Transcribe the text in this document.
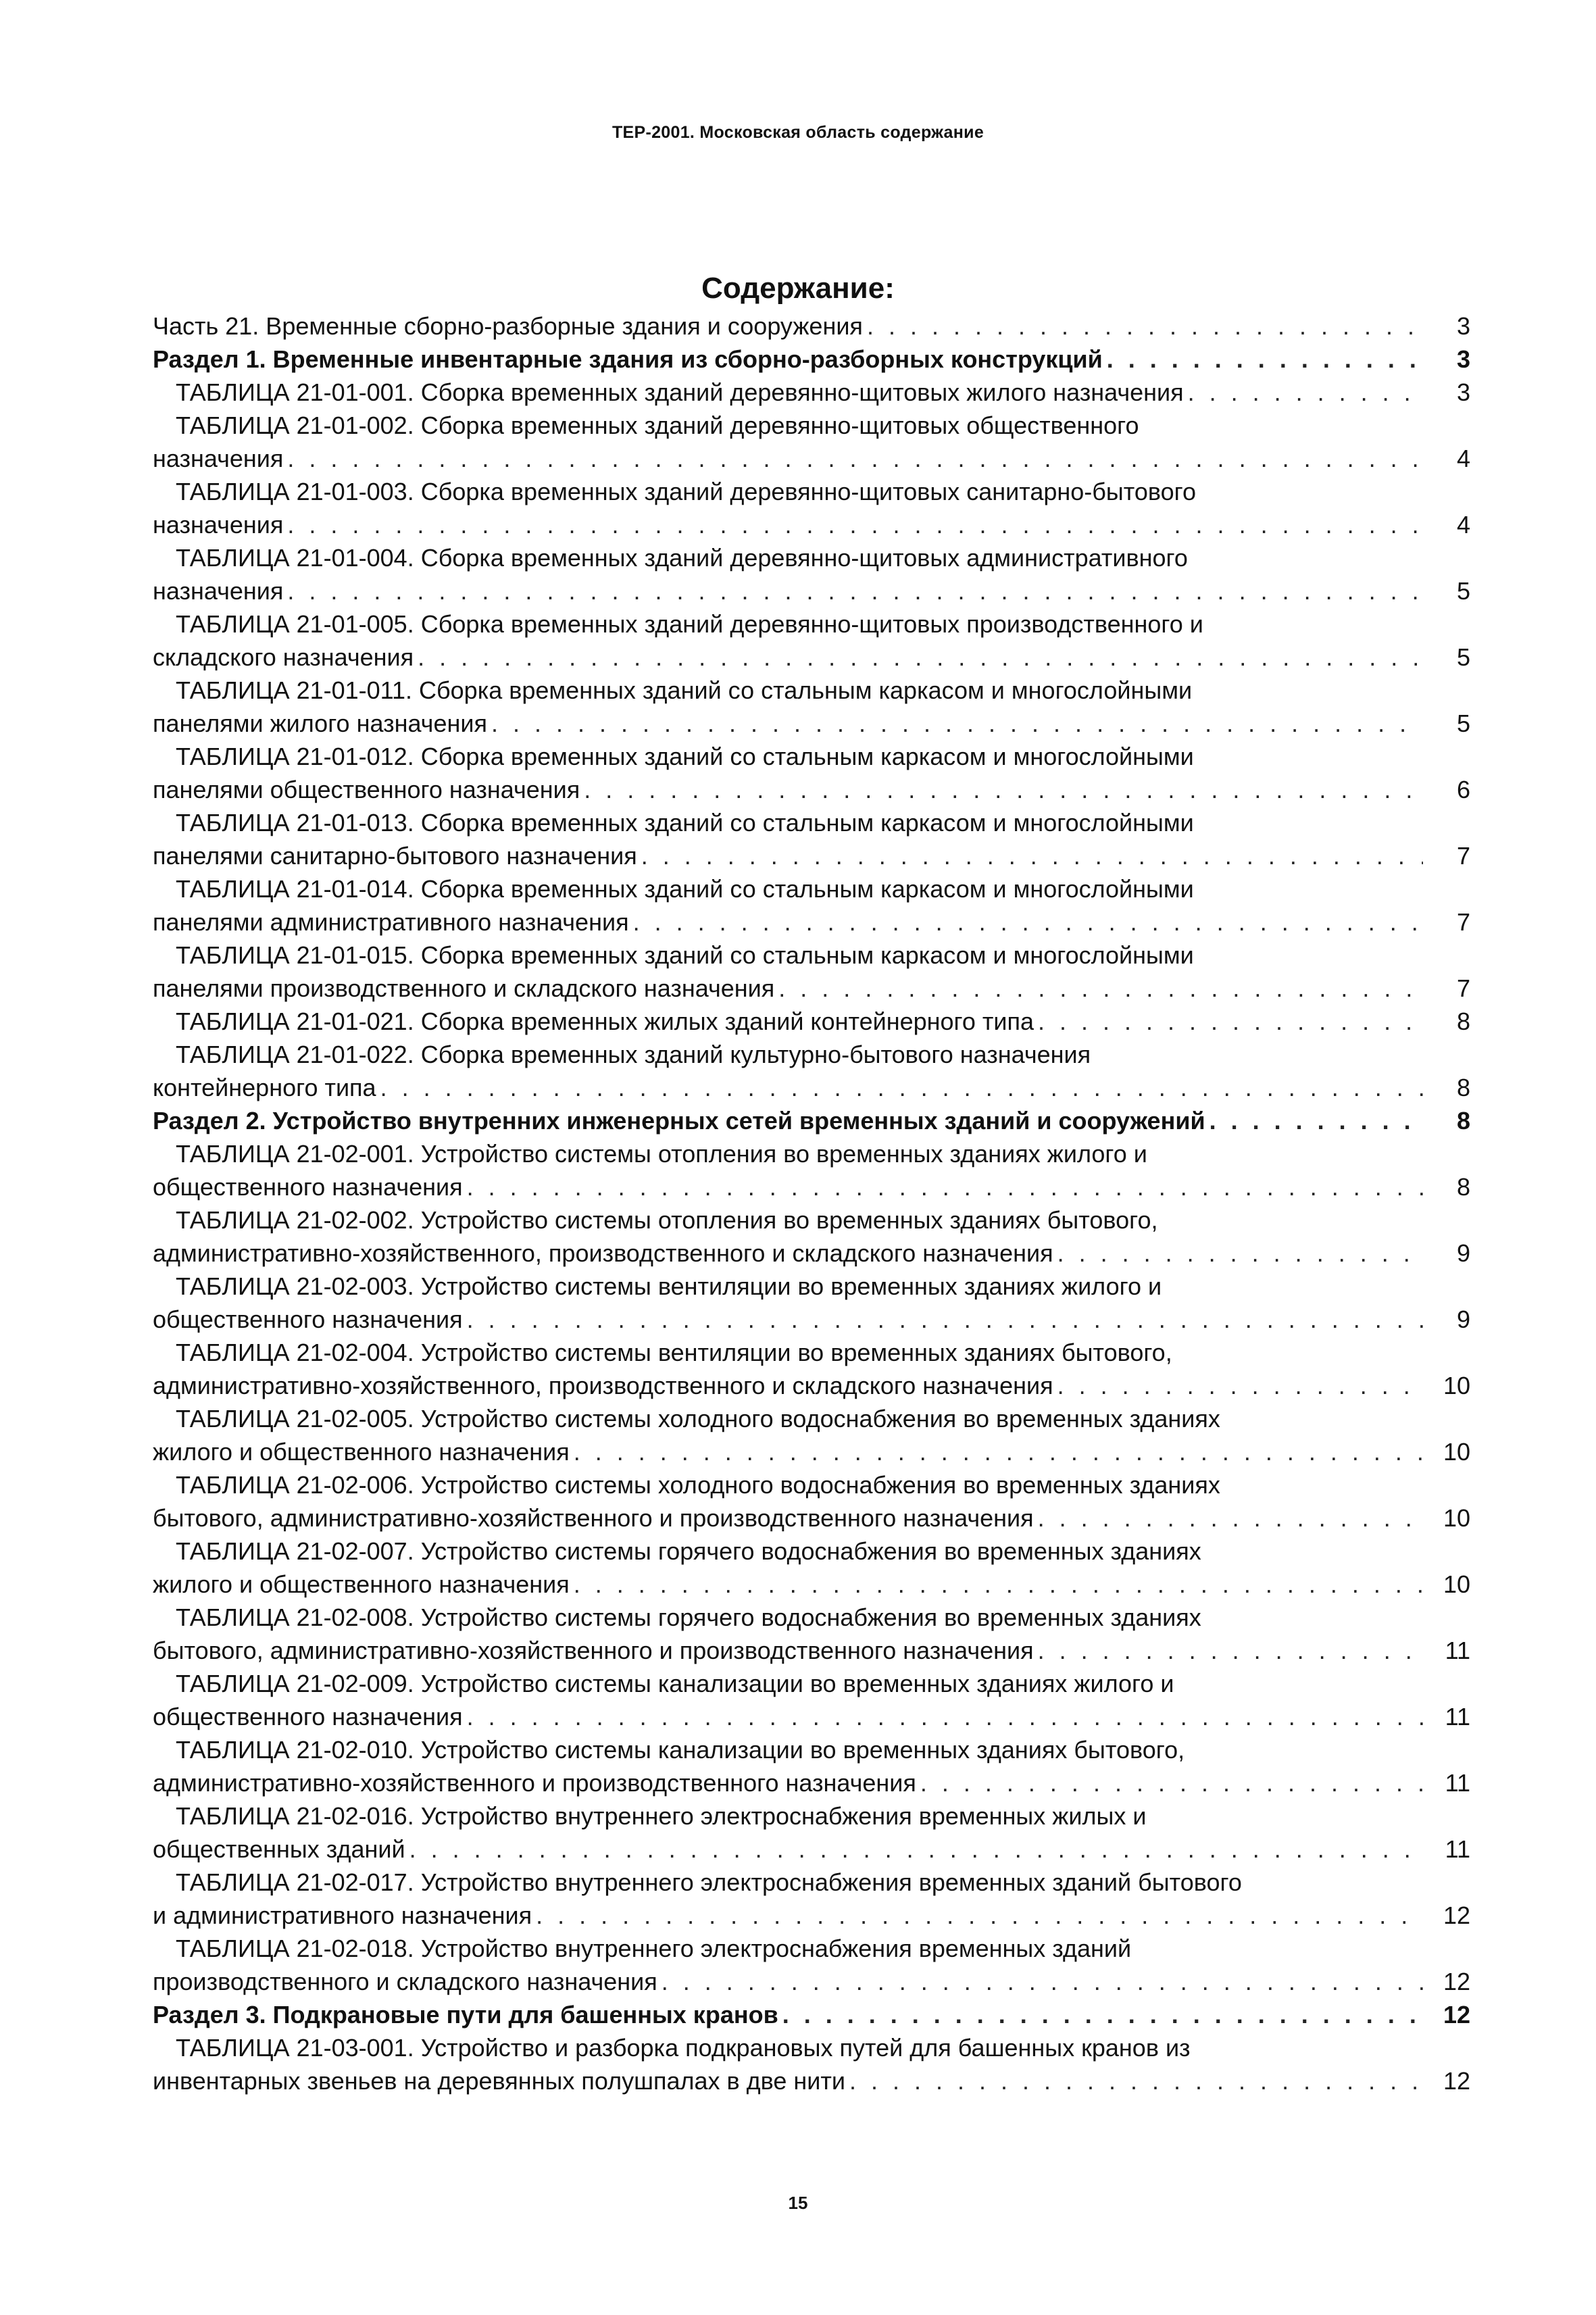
ТЕР-2001. Московская область содержание
Содержание:
Часть 21. Временные сборно-разборные здания и сооружения . . .	3
Раздел 1. Временные инвентарные здания из сборно-разборных конструкций . . .	3
ТАБЛИЦА 21-01-001. Сборка временных зданий деревянно-щитовых жилого назначения . . .	3
ТАБЛИЦА 21-01-002. Сборка временных зданий деревянно-щитовых общественного
назначения . . .	4
ТАБЛИЦА 21-01-003. Сборка временных зданий деревянно-щитовых санитарно-бытового
назначения . . .	4
ТАБЛИЦА 21-01-004. Сборка временных зданий деревянно-щитовых административного
назначения . . .	5
ТАБЛИЦА 21-01-005. Сборка временных зданий деревянно-щитовых производственного и
складского назначения . . .	5
ТАБЛИЦА 21-01-011. Сборка временных зданий со стальным каркасом и многослойными
панелями жилого назначения . . .	5
ТАБЛИЦА 21-01-012. Сборка временных зданий со стальным каркасом и многослойными
панелями общественного назначения . . .	6
ТАБЛИЦА 21-01-013. Сборка временных зданий со стальным каркасом и многослойными
панелями санитарно-бытового назначения . . .	7
ТАБЛИЦА 21-01-014. Сборка временных зданий со стальным каркасом и многослойными
панелями административного назначения . . .	7
ТАБЛИЦА 21-01-015. Сборка временных зданий со стальным каркасом и многослойными
панелями производственного и складского назначения . . .	7
ТАБЛИЦА 21-01-021. Сборка временных жилых зданий контейнерного типа . . .	8
ТАБЛИЦА 21-01-022. Сборка временных зданий культурно-бытового назначения
контейнерного типа . . .	8
Раздел 2. Устройство внутренних инженерных сетей временных зданий и сооружений . . .	8
ТАБЛИЦА 21-02-001. Устройство системы отопления во временных зданиях жилого и
общественного назначения . . .	8
ТАБЛИЦА 21-02-002. Устройство системы отопления во временных зданиях бытового,
административно-хозяйственного, производственного и складского назначения . . .	9
ТАБЛИЦА 21-02-003. Устройство системы вентиляции во временных зданиях жилого и
общественного назначения . . .	9
ТАБЛИЦА 21-02-004. Устройство системы вентиляции во временных зданиях бытового,
административно-хозяйственного, производственного и складского назначения . . .	10
ТАБЛИЦА 21-02-005. Устройство системы холодного водоснабжения во временных зданиях
жилого и общественного назначения . . .	10
ТАБЛИЦА 21-02-006. Устройство системы холодного водоснабжения во временных зданиях
бытового, административно-хозяйственного и производственного назначения . . .	10
ТАБЛИЦА 21-02-007. Устройство системы горячего водоснабжения во временных зданиях
жилого и общественного назначения . . .	10
ТАБЛИЦА 21-02-008. Устройство системы горячего водоснабжения во временных зданиях
бытового, административно-хозяйственного и производственного назначения . . .	11
ТАБЛИЦА 21-02-009. Устройство системы канализации во временных зданиях жилого и
общественного назначения . . .	11
ТАБЛИЦА 21-02-010. Устройство системы канализации во временных зданиях бытового,
административно-хозяйственного и производственного назначения . . .	11
ТАБЛИЦА 21-02-016. Устройство внутреннего электроснабжения временных жилых и
общественных зданий . . .	11
ТАБЛИЦА 21-02-017. Устройство внутреннего электроснабжения временных зданий бытового
и административного назначения . . .	12
ТАБЛИЦА 21-02-018. Устройство внутреннего электроснабжения временных зданий
производственного и складского назначения . . .	12
Раздел 3. Подкрановые пути для башенных кранов . . .	12
ТАБЛИЦА 21-03-001. Устройство и разборка подкрановых путей для башенных кранов из
инвентарных звеньев на деревянных полушпалах в две нити . . .	12
15
